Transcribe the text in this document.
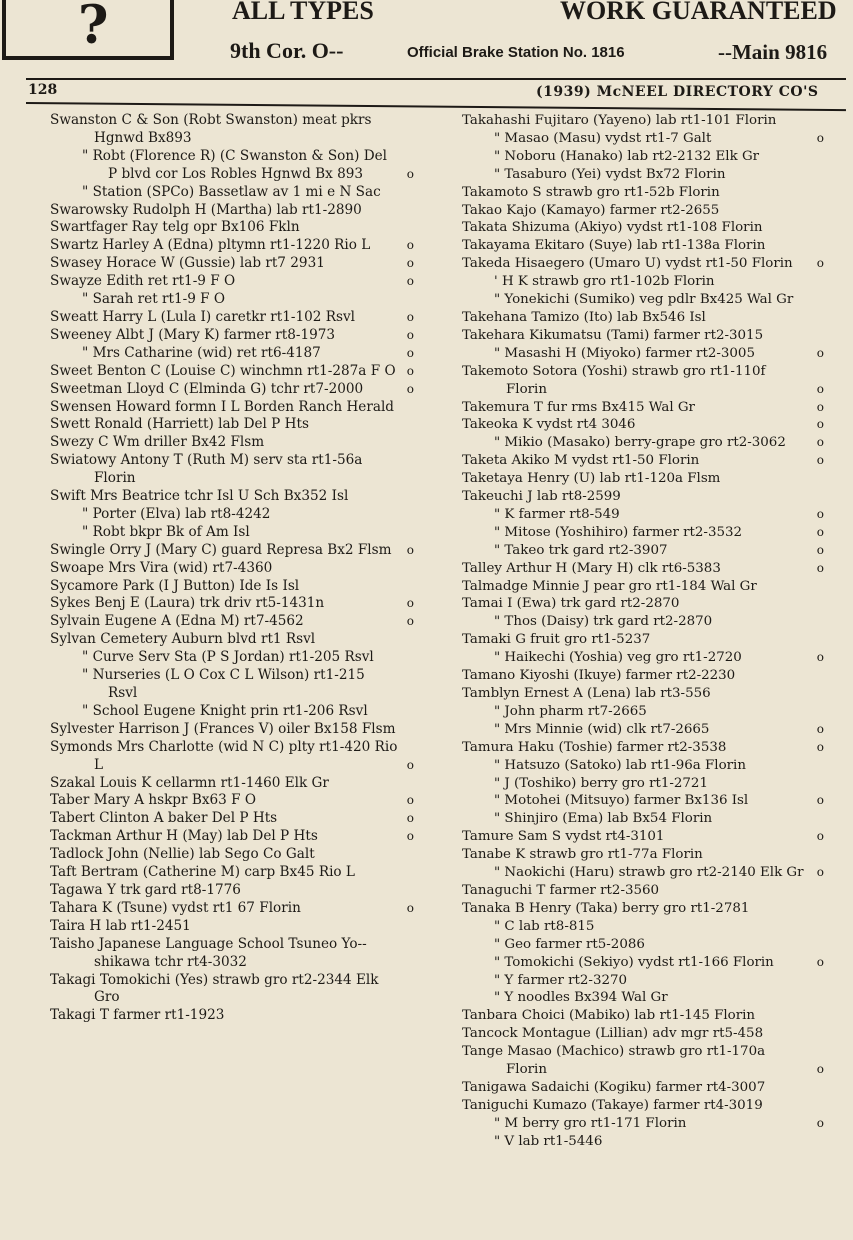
?	ALL TYPES	WORK GUARANTEED
9th Cor. O--	Official Brake Station No. 1816	--Main 9816
128	(1939) McNEEL DIRECTORY CO'S
Swanston C & Son (Robt Swanston) meat pkrs Hgnwd Bx893
" Robt (Florence R) (C Swanston & Son) Del P blvd cor Los Robles Hgnwd Bx 893	o
" Station (SPCo) Bassetlaw av 1 mi e N Sac
Swarowsky Rudolph H (Martha) lab rt1-2890
Swartfager Ray telg opr Bx106 Fkln
Swartz Harley A (Edna) pltymn rt1-1220 Rio L	o
Swasey Horace W (Gussie) lab rt7 2931	o
Swayze Edith ret rt1-9 F O	o
" Sarah ret rt1-9 F O
Sweatt Harry L (Lula I) caretkr rt1-102 Rsvl	o
Sweeney Albt J (Mary K) farmer rt8-1973	o
" Mrs Catharine (wid) ret rt6-4187	o
Sweet Benton C (Louise C) winchmn rt1-287a F O o
Sweetman Lloyd C (Elminda G) tchr rt7-2000	o
Swensen Howard formn I L Borden Ranch Herald
Swett Ronald (Harriett) lab Del P Hts
Swezy C Wm driller Bx42 Flsm
Swiatowy Antony T (Ruth M) serv sta rt1-56a Florin
Swift Mrs Beatrice tchr Isl U Sch Bx352 Isl
" Porter (Elva) lab rt8-4242
" Robt bkpr Bk of Am Isl
Swingle Orry J (Mary C) guard Represa Bx2 Flsm	o
Swoape Mrs Vira (wid) rt7-4360
Sycamore Park (I J Button) Ide Is Isl
Sykes Benj E (Laura) trk driv rt5-1431n	o
Sylvain Eugene A (Edna M) rt7-4562	o
Sylvan Cemetery Auburn blvd rt1 Rsvl
" Curve Serv Sta (P S Jordan) rt1-205 Rsvl
" Nurseries (L O Cox C L Wilson) rt1-215 Rsvl
" School Eugene Knight prin rt1-206 Rsvl
Sylvester Harrison J (Frances V) oiler Bx158 Flsm
Symonds Mrs Charlotte (wid N C) plty rt1-420 Rio L	o
Szakal Louis K cellarmn rt1-1460 Elk Gr
Taber Mary A hskpr Bx63 F O	o
Tabert Clinton A baker Del P Hts	o
Tackman Arthur H (May) lab Del P Hts	o
Tadlock John (Nellie) lab Sego Co Galt
Taft Bertram (Catherine M) carp Bx45 Rio L
Tagawa Y trk gard rt8-1776
Tahara K (Tsune) vydst rt1 67 Florin	o
Taira H lab rt1-2451
Taisho Japanese Language School Tsuneo Yo--shikawa tchr rt4-3032
Takagi Tomokichi (Yes) strawb gro rt2-2344 Elk Gro
Takagi T farmer rt1-1923
Takahashi Fujitaro (Yayeno) lab rt1-101 Florin
" Masao (Masu) vydst rt1-7 Galt	o
" Noboru (Hanako) lab rt2-2132 Elk Gr
" Tasaburo (Yei) vydst Bx72 Florin
Takamoto S strawb gro rt1-52b Florin
Takao Kajo (Kamayo) farmer rt2-2655
Takata Shizuma (Akiyo) vydst rt1-108 Florin
Takayama Ekitaro (Suye) lab rt1-138a Florin
Takeda Hisaegero (Umaro U) vydst rt1-50 Florin	o
' H K strawb gro rt1-102b Florin
" Yonekichi (Sumiko) veg pdlr Bx425 Wal Gr
Takehana Tamizo (Ito) lab Bx546 Isl
Takehara Kikumatsu (Tami) farmer rt2-3015
" Masashi H (Miyoko) farmer rt2-3005	o
Takemoto Sotora (Yoshi) strawb gro rt1-110f Florin	o
Takemura T fur rms Bx415 Wal Gr	o
Takeoka K vydst rt4 3046	o
" Mikio (Masako) berry-grape gro rt2-3062	o
Taketa Akiko M vydst rt1-50 Florin	o
Taketaya Henry (U) lab rt1-120a Flsm
Takeuchi J lab rt8-2599
" K farmer rt8-549	o
" Mitose (Yoshihiro) farmer rt2-3532	o
" Takeo trk gard rt2-3907	o
Talley Arthur H (Mary H) clk rt6-5383	o
Talmadge Minnie J pear gro rt1-184 Wal Gr
Tamai I (Ewa) trk gard rt2-2870
" Thos (Daisy) trk gard rt2-2870
Tamaki G fruit gro rt1-5237
" Haikechi (Yoshia) veg gro rt1-2720	o
Tamano Kiyoshi (Ikuye) farmer rt2-2230
Tamblyn Ernest A (Lena) lab rt3-556
" John pharm rt7-2665
" Mrs Minnie (wid) clk rt7-2665	o
Tamura Haku (Toshie) farmer rt2-3538	o
" Hatsuzo (Satoko) lab rt1-96a Florin
" J (Toshiko) berry gro rt1-2721
" Motohei (Mitsuyo) farmer Bx136 Isl	o
" Shinjiro (Ema) lab Bx54 Florin
Tamure Sam S vydst rt4-3101	o
Tanabe K strawb gro rt1-77a Florin
" Naokichi (Haru) strawb gro rt2-2140 Elk Gr	o
Tanaguchi T farmer rt2-3560
Tanaka B Henry (Taka) berry gro rt1-2781
" C lab rt8-815
" Geo farmer rt5-2086
" Tomokichi (Sekiyo) vydst rt1-166 Florin	o
" Y farmer rt2-3270
" Y noodles Bx394 Wal Gr
Tanbara Choici (Mabiko) lab rt1-145 Florin
Tancock Montague (Lillian) adv mgr rt5-458
Tange Masao (Machico) strawb gro rt1-170a Florin	o
Tanigawa Sadaichi (Kogiku) farmer rt4-3007
Taniguchi Kumazo (Takaye) farmer rt4-3019
" M berry gro rt1-171 Florin	o
" V lab rt1-5446
